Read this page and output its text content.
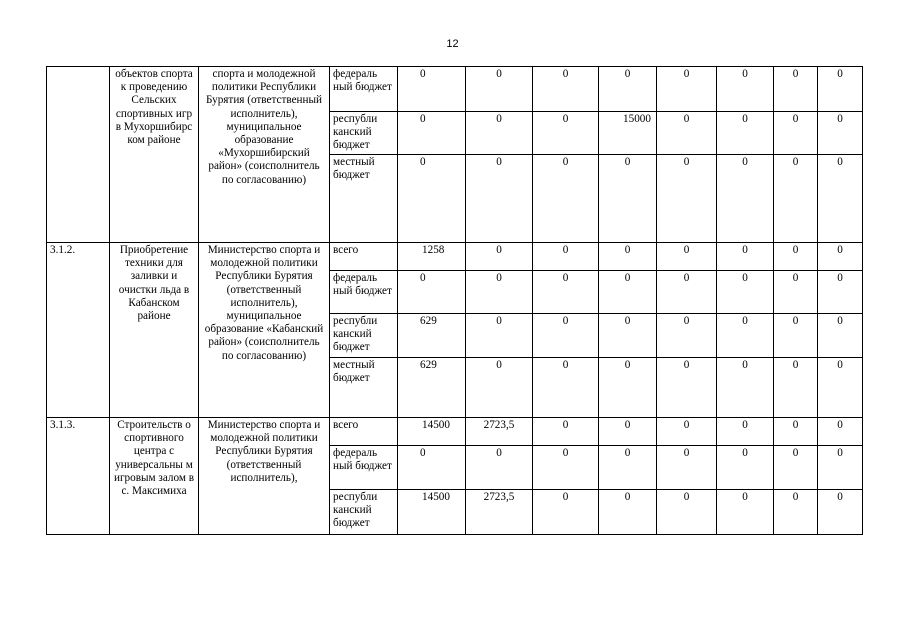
12
	объектов спорта к проведению Сельских спортивных игр в Мухоршибирс ком районе	спорта и молодежной политики Республики Бурятия (ответственный исполнитель), муниципальное образование «Мухоршибирский район» (соисполнитель по согласованию)	федераль ный бюджет	0	0	0	0	0	0	0	0
			республи канский бюджет	0	0	0	15000	0	0	0	0
			местный бюджет	0	0	0	0	0	0	0	0
3.1.2.	Приобретение техники для заливки и очистки льда в Кабанском районе	Министерство спорта и молодежной политики Республики Бурятия (ответственный исполнитель), муниципальное образование «Кабанский район» (соисполнитель по согласованию)	всего	1258	0	0	0	0	0	0	0
			федераль ный бюджет	0	0	0	0	0	0	0	0
			республи канский бюджет	629	0	0	0	0	0	0	0
			местный бюджет	629	0	0	0	0	0	0	0
3.1.3.	Строительств о спортивного центра с универсальны м игровым залом в с. Максимиха	Министерство спорта и молодежной политики Республики Бурятия (ответственный исполнитель),	всего	14500	2723,5	0	0	0	0	0	0
			федераль ный бюджет	0	0	0	0	0	0	0	0
			республи канский бюджет	14500	2723,5	0	0	0	0	0	0
